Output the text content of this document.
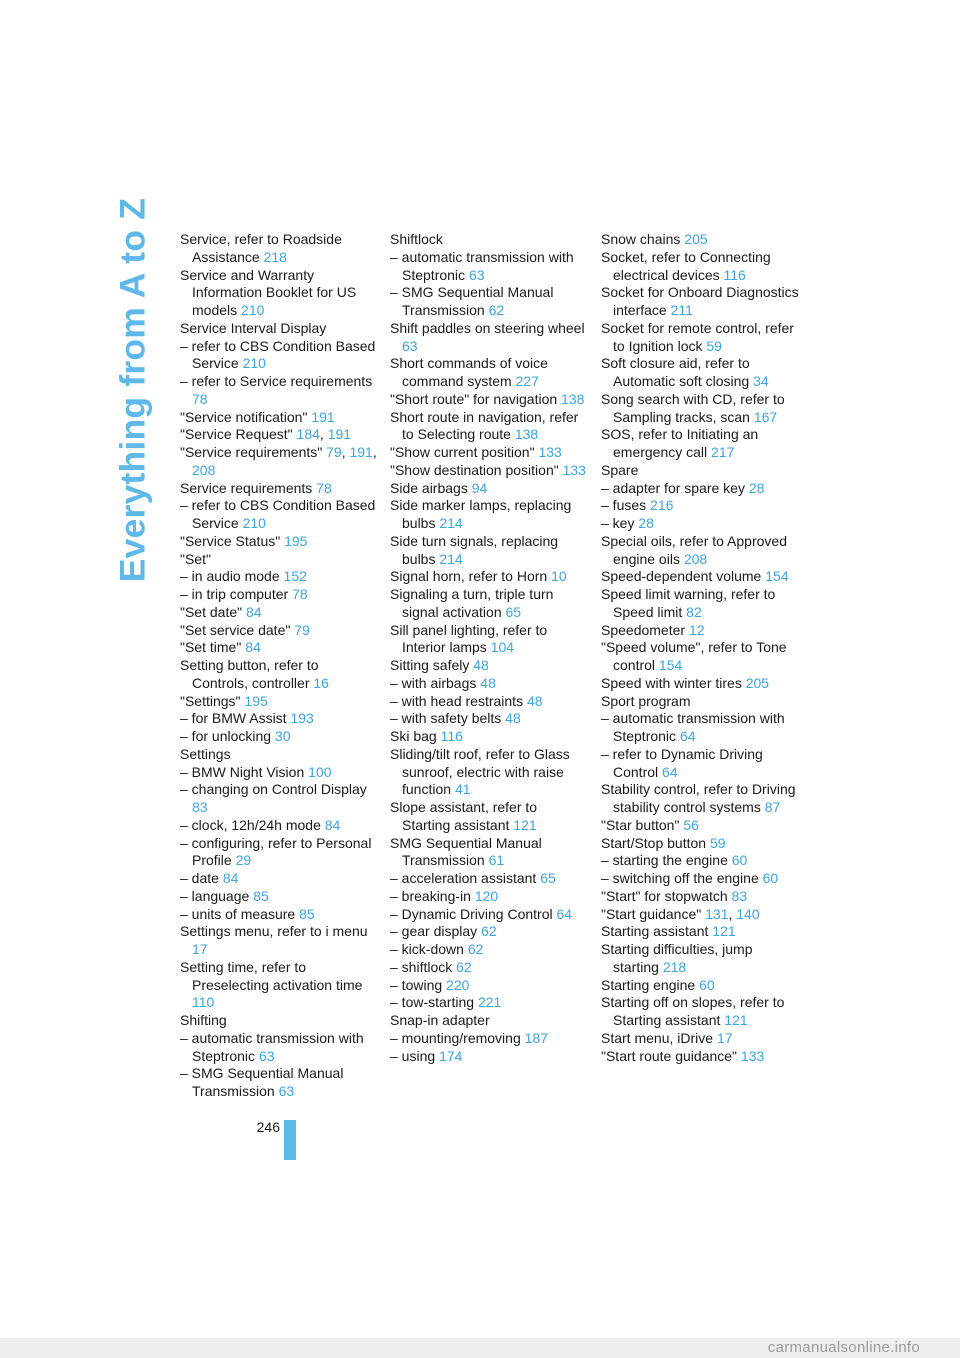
Everything from A to Z Service, refer to Roadside Assistance 218
Service and Warranty Information Booklet for US models 210
Service Interval Display
– refer to CBS Condition Based Service 210
– refer to Service requirements 78
"Service notification" 191
"Service Request" 184, 191
"Service requirements" 79, 191, 208
Service requirements 78
– refer to CBS Condition Based Service 210
"Service Status" 195
"Set"
– in audio mode 152
– in trip computer 78
"Set date" 84
"Set service date" 79
"Set time" 84
Setting button, refer to Controls, controller 16
"Settings" 195
– for BMW Assist 193
– for unlocking 30
Settings
– BMW Night Vision 100
– changing on Control Display 83
– clock, 12h/24h mode 84
– configuring, refer to Personal Profile 29
– date 84
– language 85
– units of measure 85
Settings menu, refer to i menu 17
Setting time, refer to Preselecting activation time 110
Shifting
– automatic transmission with Steptronic 63
– SMG Sequential Manual Transmission 63
Shiftlock
– automatic transmission with Steptronic 63
– SMG Sequential Manual Transmission 62
Shift paddles on steering wheel 63
Short commands of voice command system 227
"Short route" for navigation 138
Short route in navigation, refer to Selecting route 138
"Show current position" 133
"Show destination position" 133
Side airbags 94
Side marker lamps, replacing bulbs 214
Side turn signals, replacing bulbs 214
Signal horn, refer to Horn 10
Signaling a turn, triple turn signal activation 65
Sill panel lighting, refer to Interior lamps 104
Sitting safely 48
– with airbags 48
– with head restraints 48
– with safety belts 48
Ski bag 116
Sliding/tilt roof, refer to Glass sunroof, electric with raise function 41
Slope assistant, refer to Starting assistant 121
SMG Sequential Manual Transmission 61
– acceleration assistant 65
– breaking-in 120
– Dynamic Driving Control 64
– gear display 62
– kick-down 62
– shiftlock 62
– towing 220
– tow-starting 221
Snap-in adapter
– mounting/removing 187
– using 174
Snow chains 205
Socket, refer to Connecting electrical devices 116
Socket for Onboard Diagnostics interface 211
Socket for remote control, refer to Ignition lock 59
Soft closure aid, refer to Automatic soft closing 34
Song search with CD, refer to Sampling tracks, scan 167
SOS, refer to Initiating an emergency call 217
Spare
– adapter for spare key 28
– fuses 216
– key 28
Special oils, refer to Approved engine oils 208
Speed-dependent volume 154
Speed limit warning, refer to Speed limit 82
Speedometer 12
"Speed volume", refer to Tone control 154
Speed with winter tires 205
Sport program
– automatic transmission with Steptronic 64
– refer to Dynamic Driving Control 64
Stability control, refer to Driving stability control systems 87
"Star button" 56
Start/Stop button 59
– starting the engine 60
– switching off the engine 60
"Start" for stopwatch 83
"Start guidance" 131, 140
Starting assistant 121
Starting difficulties, jump starting 218
Starting engine 60
Starting off on slopes, refer to Starting assistant 121
Start menu, iDrive 17
"Start route guidance" 133
246
carmanualsonline.info
